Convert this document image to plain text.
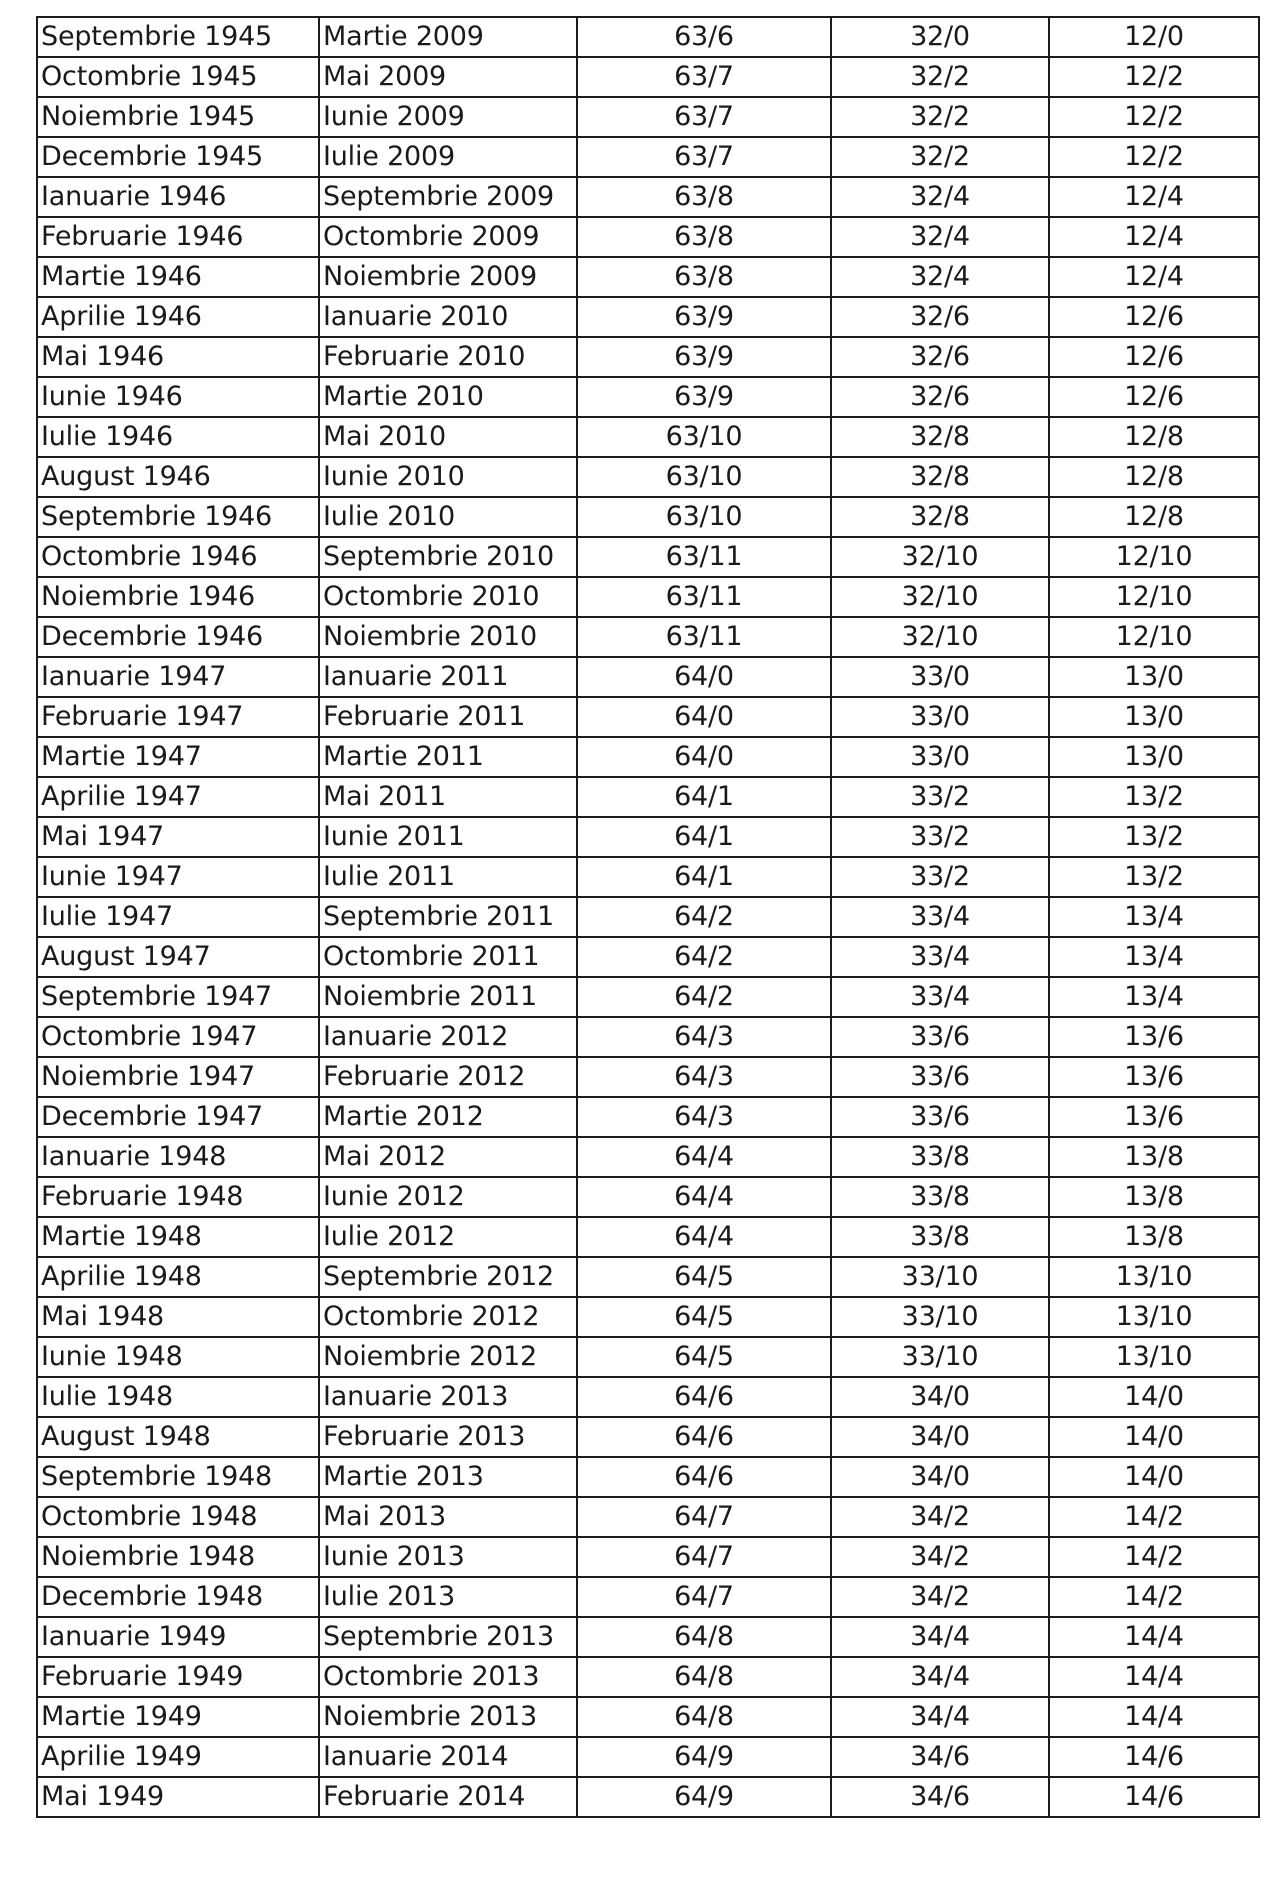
Septembrie 1945	Martie 2009	63/6	32/0	12/0
Octombrie 1945	Mai 2009	63/7	32/2	12/2
Noiembrie 1945	Iunie 2009	63/7	32/2	12/2
Decembrie 1945	Iulie 2009	63/7	32/2	12/2
Ianuarie 1946	Septembrie 2009	63/8	32/4	12/4
Februarie 1946	Octombrie 2009	63/8	32/4	12/4
Martie 1946	Noiembrie 2009	63/8	32/4	12/4
Aprilie 1946	Ianuarie 2010	63/9	32/6	12/6
Mai 1946	Februarie 2010	63/9	32/6	12/6
Iunie 1946	Martie 2010	63/9	32/6	12/6
Iulie 1946	Mai 2010	63/10	32/8	12/8
August 1946	Iunie 2010	63/10	32/8	12/8
Septembrie 1946	Iulie 2010	63/10	32/8	12/8
Octombrie 1946	Septembrie 2010	63/11	32/10	12/10
Noiembrie 1946	Octombrie 2010	63/11	32/10	12/10
Decembrie 1946	Noiembrie 2010	63/11	32/10	12/10
Ianuarie 1947	Ianuarie 2011	64/0	33/0	13/0
Februarie 1947	Februarie 2011	64/0	33/0	13/0
Martie 1947	Martie 2011	64/0	33/0	13/0
Aprilie 1947	Mai 2011	64/1	33/2	13/2
Mai 1947	Iunie 2011	64/1	33/2	13/2
Iunie 1947	Iulie 2011	64/1	33/2	13/2
Iulie 1947	Septembrie 2011	64/2	33/4	13/4
August 1947	Octombrie 2011	64/2	33/4	13/4
Septembrie 1947	Noiembrie 2011	64/2	33/4	13/4
Octombrie 1947	Ianuarie 2012	64/3	33/6	13/6
Noiembrie 1947	Februarie 2012	64/3	33/6	13/6
Decembrie 1947	Martie 2012	64/3	33/6	13/6
Ianuarie 1948	Mai 2012	64/4	33/8	13/8
Februarie 1948	Iunie 2012	64/4	33/8	13/8
Martie 1948	Iulie 2012	64/4	33/8	13/8
Aprilie 1948	Septembrie 2012	64/5	33/10	13/10
Mai 1948	Octombrie 2012	64/5	33/10	13/10
Iunie 1948	Noiembrie 2012	64/5	33/10	13/10
Iulie 1948	Ianuarie 2013	64/6	34/0	14/0
August 1948	Februarie 2013	64/6	34/0	14/0
Septembrie 1948	Martie 2013	64/6	34/0	14/0
Octombrie 1948	Mai 2013	64/7	34/2	14/2
Noiembrie 1948	Iunie 2013	64/7	34/2	14/2
Decembrie 1948	Iulie 2013	64/7	34/2	14/2
Ianuarie 1949	Septembrie 2013	64/8	34/4	14/4
Februarie 1949	Octombrie 2013	64/8	34/4	14/4
Martie 1949	Noiembrie 2013	64/8	34/4	14/4
Aprilie 1949	Ianuarie 2014	64/9	34/6	14/6
Mai 1949	Februarie 2014	64/9	34/6	14/6
